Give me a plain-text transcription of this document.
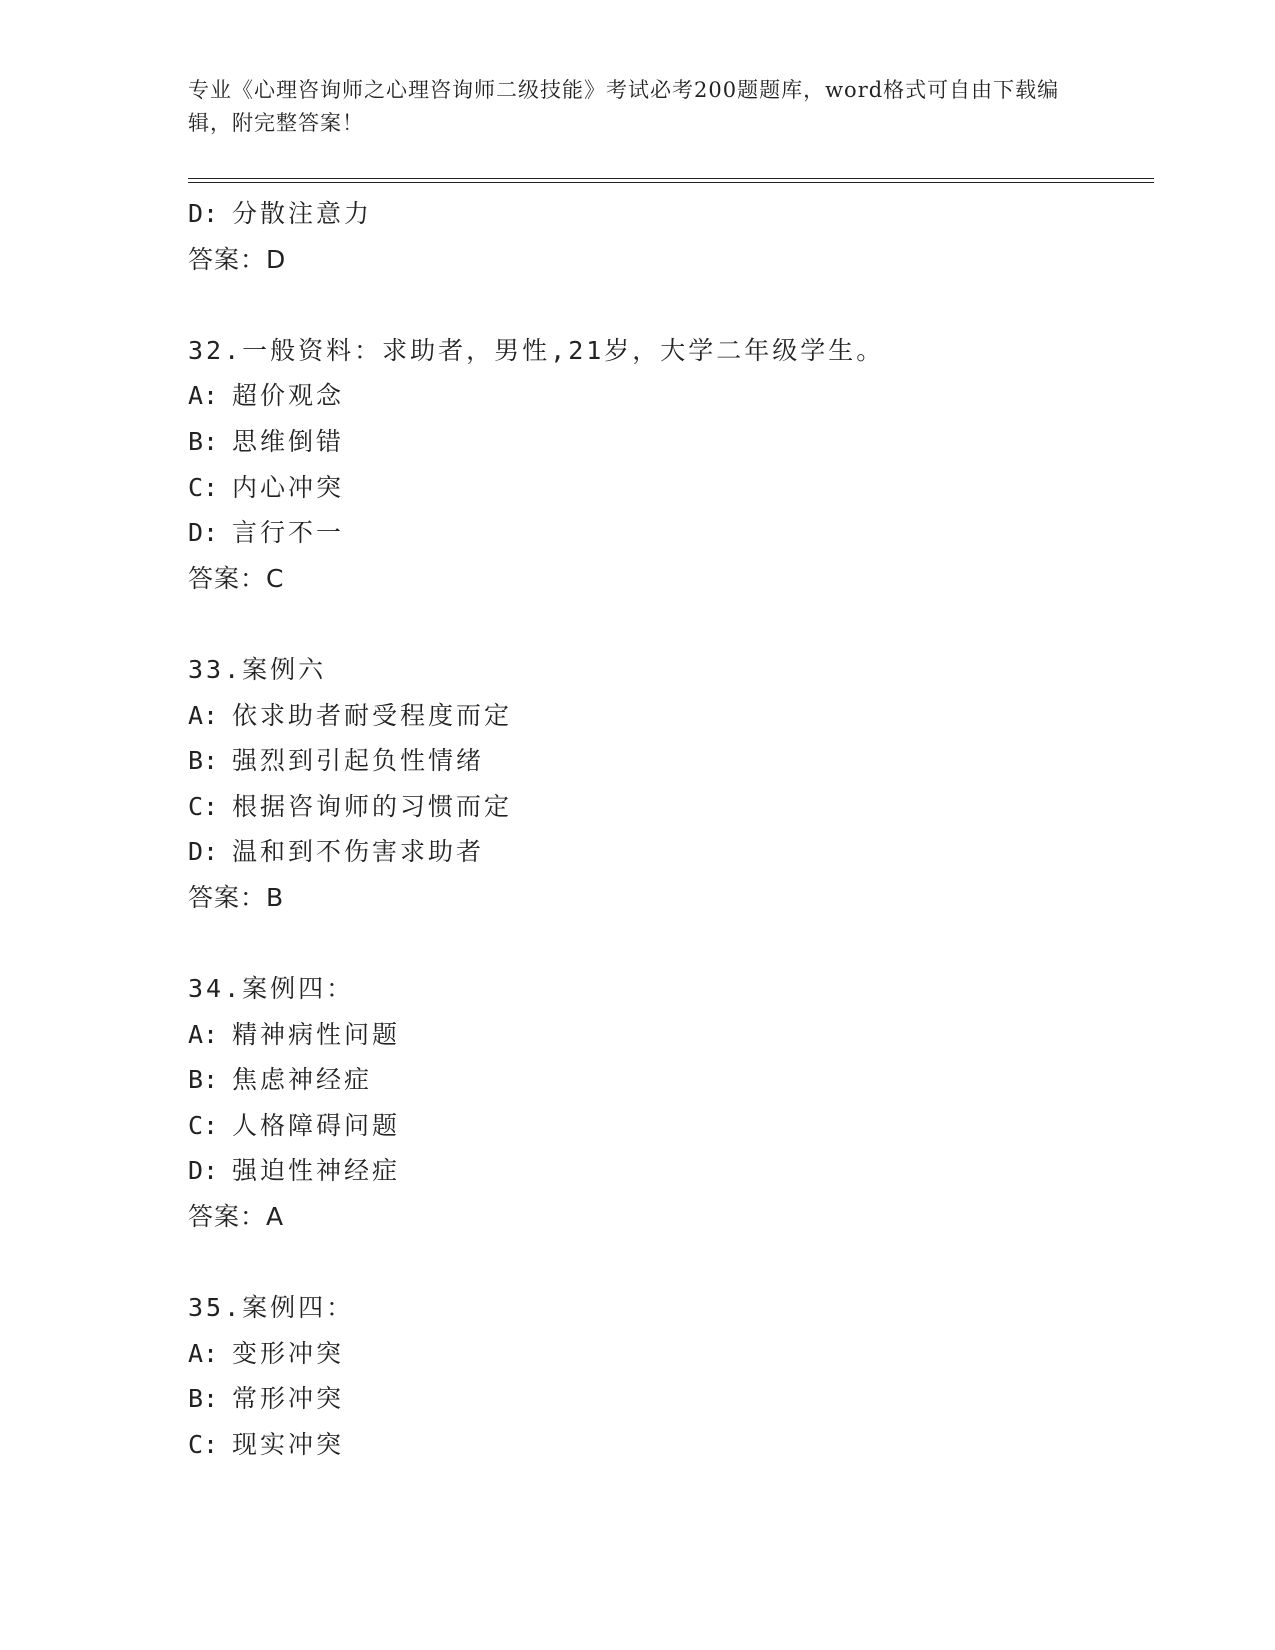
专业《心理咨询师之心理咨询师二级技能》考试必考200题题库，word格式可自由下载编辑，附完整答案！
D: 分散注意力
答案：D
32.一般资料：求助者，男性,21岁，大学二年级学生。
A: 超价观念
B: 思维倒错
C: 内心冲突
D: 言行不一
答案：C
33.案例六
A: 依求助者耐受程度而定
B: 强烈到引起负性情绪
C: 根据咨询师的习惯而定
D: 温和到不伤害求助者
答案：B
34.案例四：
A: 精神病性问题
B: 焦虑神经症
C: 人格障碍问题
D: 强迫性神经症
答案：A
35.案例四：
A: 变形冲突
B: 常形冲突
C: 现实冲突
